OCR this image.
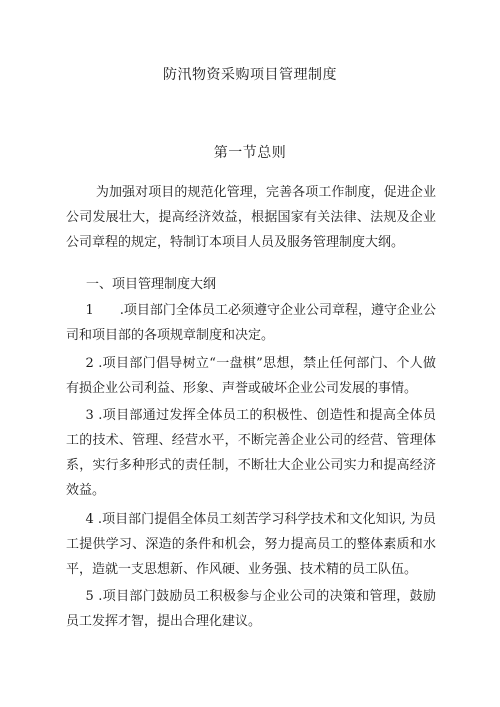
防汛物资采购项目管理制度
第一节总则

为加强对项目的规范化管理，完善各项工作制度，促进企业公司发展壮大，提高经济效益，根据国家有关法律、法规及企业公司章程的规定，特制订本项目人员及服务管理制度大纲。

一、项目管理制度大纲

1　　.项目部门全体员工必须遵守企业公司章程，遵守企业公司和项目部的各项规章制度和决定。

2 .项目部门倡导树立“一盘棋”思想，禁止任何部门、个人做有损企业公司利益、形象、声誉或破坏企业公司发展的事情。

3 .项目部通过发挥全体员工的积极性、创造性和提高全体员工的技术、管理、经营水平，不断完善企业公司的经营、管理体系，实行多种形式的责任制，不断壮大企业公司实力和提高经济效益。

4 .项目部门提倡全体员工刻苦学习科学技术和文化知识, 为员工提供学习、深造的条件和机会，努力提高员工的整体素质和水平，造就一支思想新、作风硬、业务强、技术精的员工队伍。

5 .项目部门鼓励员工积极参与企业公司的决策和管理，鼓励员工发挥才智，提出合理化建议。
